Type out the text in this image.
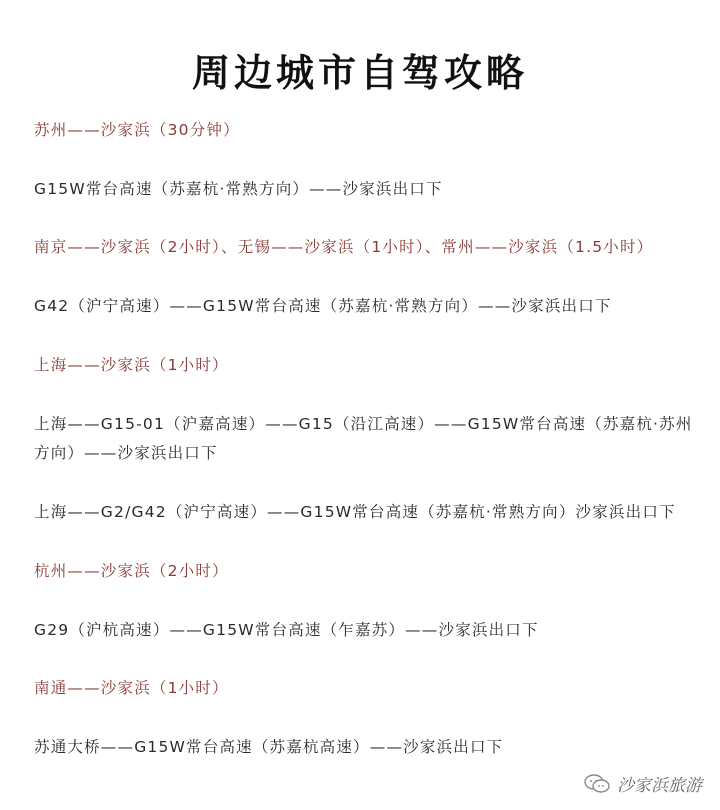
周边城市自驾攻略
苏州——沙家浜（30分钟）
G15W常台高速（苏嘉杭·常熟方向）——沙家浜出口下
南京——沙家浜（2小时）、无锡——沙家浜（1小时）、常州——沙家浜（1.5小时）
G42（沪宁高速）——G15W常台高速（苏嘉杭·常熟方向）——沙家浜出口下
上海——沙家浜（1小时）
上海——G15-01（沪嘉高速）——G15（沿江高速）——G15W常台高速（苏嘉杭·苏州方向）——沙家浜出口下
上海——G2/G42（沪宁高速）——G15W常台高速（苏嘉杭·常熟方向）沙家浜出口下
杭州——沙家浜（2小时）
G29（沪杭高速）——G15W常台高速（乍嘉苏）——沙家浜出口下
南通——沙家浜（1小时）
苏通大桥——G15W常台高速（苏嘉杭高速）——沙家浜出口下
沙家浜旅游
